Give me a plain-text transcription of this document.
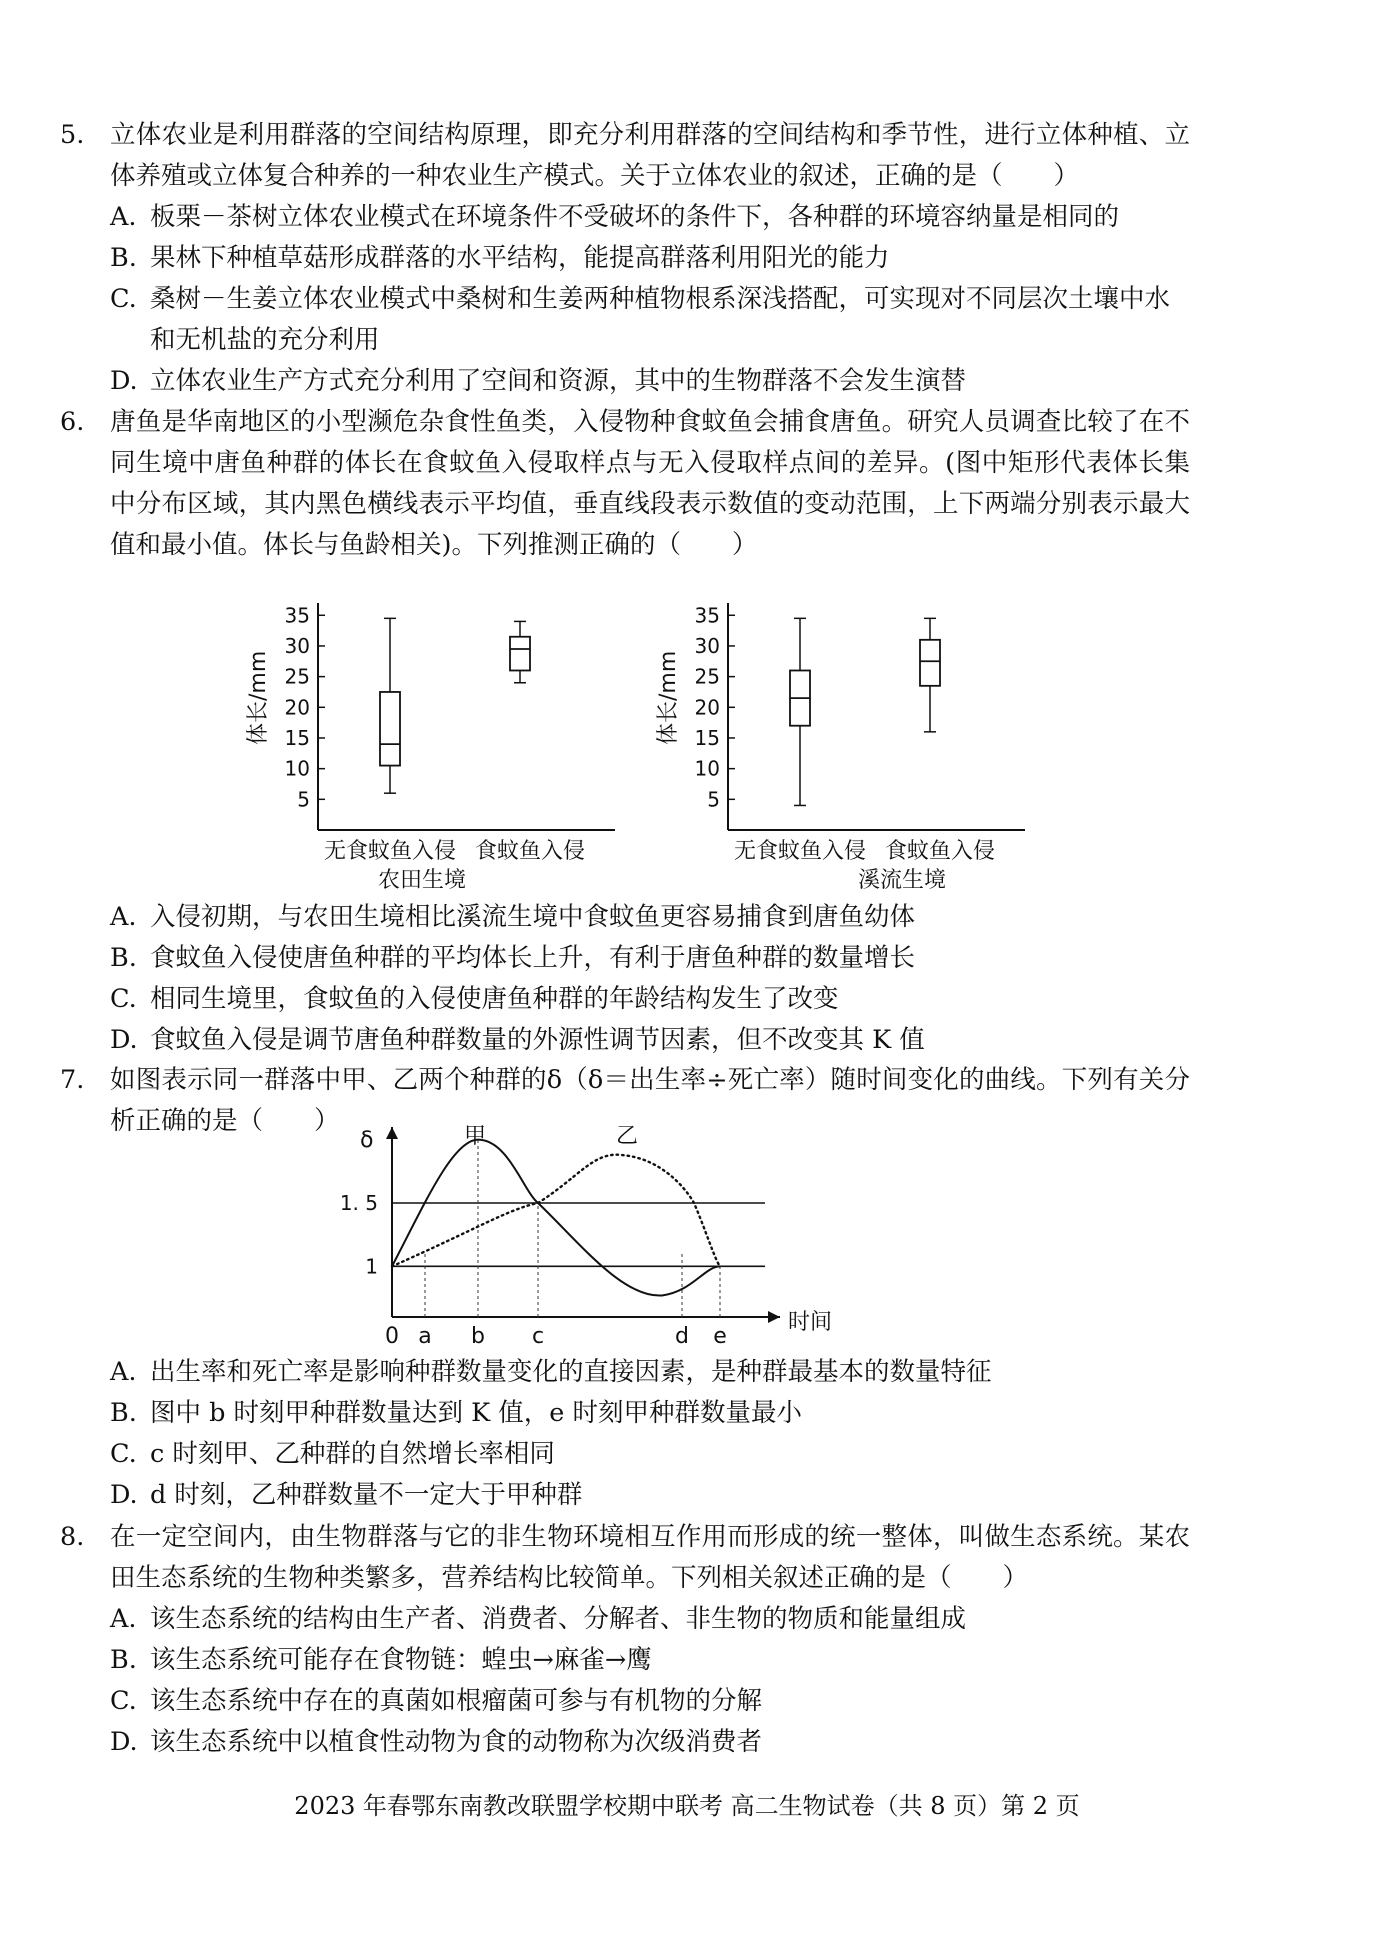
5.	立体农业是利用群落的空间结构原理，即充分利用群落的空间结构和季节性，进行立体种植、立体养殖或立体复合种养的一种农业生产模式。关于立体农业的叙述，正确的是（　　）
A. 板栗－茶树立体农业模式在环境条件不受破坏的条件下，各种群的环境容纳量是相同的
B. 果林下种植草菇形成群落的水平结构，能提高群落利用阳光的能力
C. 桑树－生姜立体农业模式中桑树和生姜两种植物根系深浅搭配，可实现对不同层次土壤中水和无机盐的充分利用
D. 立体农业生产方式充分利用了空间和资源，其中的生物群落不会发生演替
6.	唐鱼是华南地区的小型濒危杂食性鱼类，入侵物种食蚊鱼会捕食唐鱼。研究人员调查比较了在不同生境中唐鱼种群的体长在食蚊鱼入侵取样点与无入侵取样点间的差异。(图中矩形代表体长集中分布区域，其内黑色横线表示平均值，垂直线段表示数值的变动范围，上下两端分别表示最大值和最小值。体长与鱼龄相关)。下列推测正确的（　　）
5
10
15
20
25
30
35
无食蚊鱼入侵 食蚊鱼入侵
体长/mm
农田生境
5
10
15
20
25
30
35
无食蚊鱼入侵 食蚊鱼入侵
体长/mm
溪流生境
A. 入侵初期，与农田生境相比溪流生境中食蚊鱼更容易捕食到唐鱼幼体
B. 食蚊鱼入侵使唐鱼种群的平均体长上升，有利于唐鱼种群的数量增长
C. 相同生境里，食蚊鱼的入侵使唐鱼种群的年龄结构发生了改变
D. 食蚊鱼入侵是调节唐鱼种群数量的外源性调节因素，但不改变其 K 值
7.	如图表示同一群落中甲、乙两个种群的δ（δ＝出生率÷死亡率）随时间变化的曲线。下列有关分析正确的是（　　）
δ
时间
1
1. 5
0 a b c	d e
甲	乙
A. 出生率和死亡率是影响种群数量变化的直接因素，是种群最基本的数量特征
B. 图中 b 时刻甲种群数量达到 K 值，e 时刻甲种群数量最小
C. c 时刻甲、乙种群的自然增长率相同
D. d 时刻，乙种群数量不一定大于甲种群
8.	在一定空间内，由生物群落与它的非生物环境相互作用而形成的统一整体，叫做生态系统。某农田生态系统的生物种类繁多，营养结构比较简单。下列相关叙述正确的是（　　）
A. 该生态系统的结构由生产者、消费者、分解者、非生物的物质和能量组成
B. 该生态系统可能存在食物链：蝗虫→麻雀→鹰
C. 该生态系统中存在的真菌如根瘤菌可参与有机物的分解
D. 该生态系统中以植食性动物为食的动物称为次级消费者
2023 年春鄂东南教改联盟学校期中联考 高二生物试卷（共 8 页）第 2 页
